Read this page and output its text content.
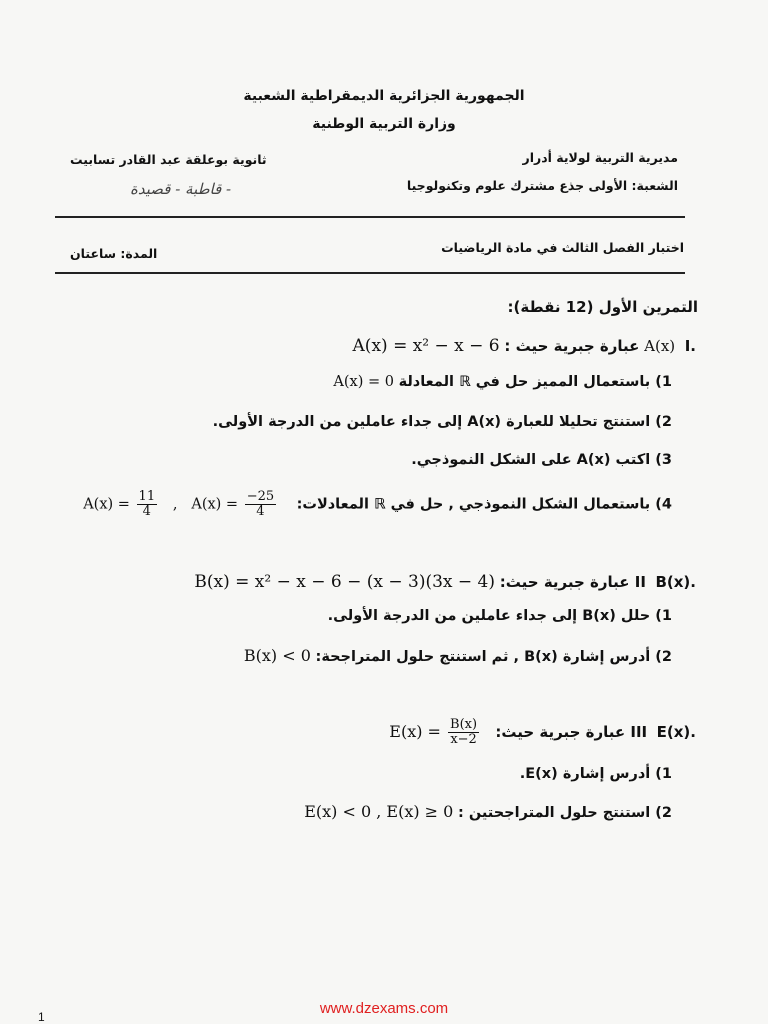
الجمهورية الجزائرية الديمقراطية الشعبية
وزارة التربية الوطنية
مديرية التربية لولاية أدرار
ثانوية بوعلقة عبد القادر تسابيت
الشعبة: الأولى جذع مشترك علوم وتكنولوجيا
- قاطبة - قصيدة
اختبار الفصل الثالث في مادة الرياضيات
المدة: ساعتان
التمرين الأول (12 نقطة):
.I  A(x) عبارة جبرية حيث : A(x) = x² − x − 6
1) باستعمال المميز حل في ℝ المعادلة A(x) = 0
2) استنتج تحليلا للعبارة A(x) إلى جداء عاملين من الدرجة الأولى.
3) اكتب A(x) على الشكل النموذجي.
4) باستعمال الشكل النموذجي , حل في ℝ المعادلات:    $A(x) = \frac{11}{4}$ , $A(x) = \frac{-25}{4}$
.II  B(x) عبارة جبرية حيث: B(x) = x² − x − 6 − (x − 3)(3x − 4)
1) حلل B(x) إلى جداء عاملين من الدرجة الأولى.
2) أدرس إشارة B(x) , ثم استنتج حلول المتراجحة: B(x) < 0
.III  E(x) عبارة جبرية حيث:   $E(x) = \frac{B(x)}{x-2}$
1) أدرس إشارة E(x).
2) استنتج حلول المتراجحتين : E(x) < 0 , E(x) ≥ 0
www.dzexams.com
1
